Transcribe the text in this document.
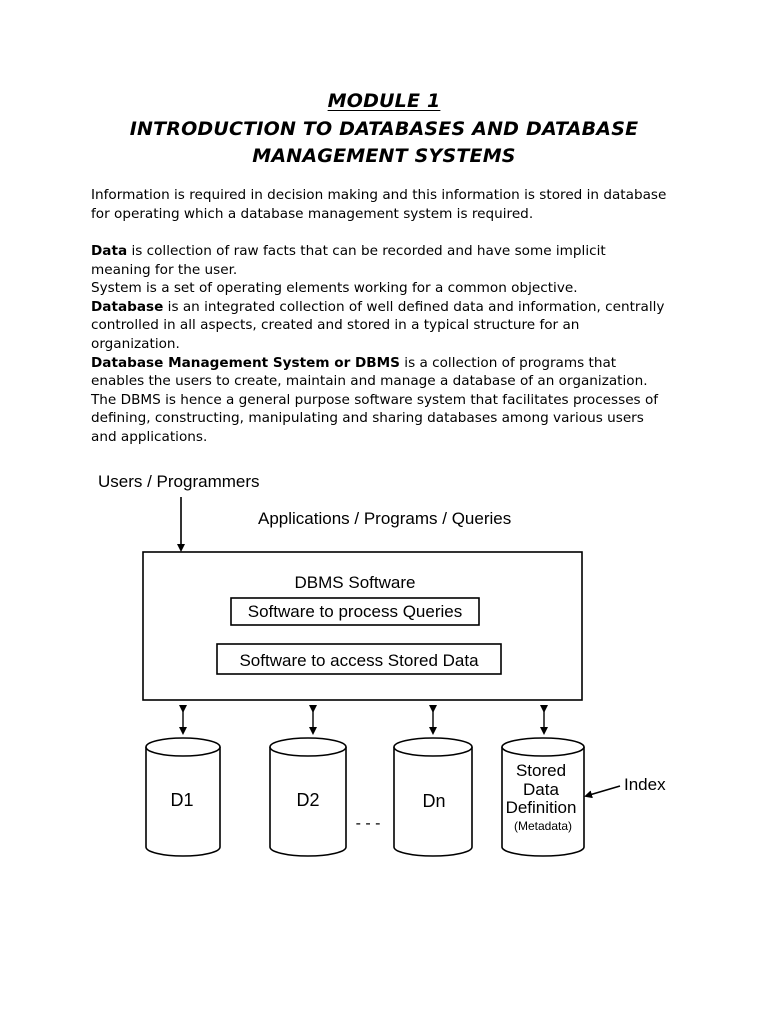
MODULE 1
INTRODUCTION TO DATABASES AND DATABASE
MANAGEMENT SYSTEMS

Information is required in decision making and this information is stored in database
for operating which a database management system is required.

Data is collection of raw facts that can be recorded and have some implicit
meaning for the user.
System is a set of operating elements working for a common objective.
Database is an integrated collection of well defined data and information, centrally
controlled in all aspects, created and stored in a typical structure for an
organization.
Database Management System or DBMS is a collection of programs that
enables the users to create, maintain and manage a database of an organization.
The DBMS is hence a general purpose software system that facilitates processes of
defining, constructing, manipulating and sharing databases among various users
and applications.

Users / Programmers
Applications / Programs / Queries
DBMS Software
Software to process Queries
Software to access Stored Data
D1	D2
- - -
Dn
Stored
Data
Definition
(Metadata)
Index
